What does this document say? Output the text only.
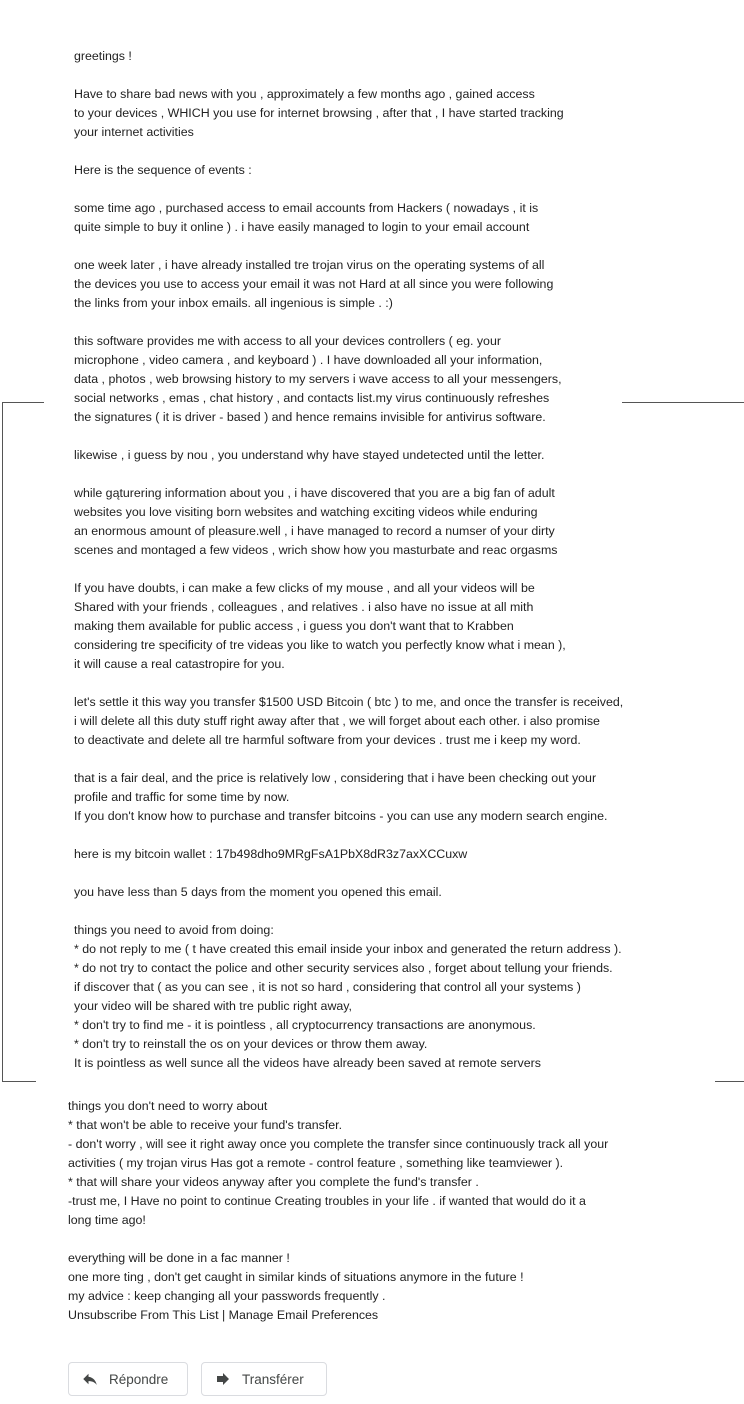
greetings !
Have to share bad news with you , approximately a few months ago , gained access
to your devices , WHICH you use for internet browsing , after that , I have started tracking
your internet activities
Here is the sequence of events :
some time ago , purchased access to email accounts from Hackers ( nowadays , it is
quite simple to buy it online ) . i have easily managed to login to your email account
one week later , i have already installed tre trojan virus on the operating systems of all
the devices you use to access your email it was not Hard at all since you were following
the links from your inbox emails. all ingenious is simple . :)
this software provides me with access to all your devices controllers ( eg. your
microphone , video camera , and keyboard ) . I have downloaded all your information,
data , photos , web browsing history to my servers i wave access to all your messengers,
social networks , emas , chat history , and contacts list.my virus continuously refreshes
the signatures ( it is driver - based ) and hence remains invisible for antivirus software.
likewise , i guess by nou , you understand why have stayed undetected until the letter.
while gąturering information about you , i have discovered that you are a big fan of adult
websites you love visiting born websites and watching exciting videos while enduring
an enormous amount of pleasure.well , i have managed to record a numser of your dirty
scenes and montaged a few videos , wrich show how you masturbate and reac orgasms
If you have doubts, i can make a few clicks of my mouse , and all your videos will be
Shared with your friends , colleagues , and relatives . i also have no issue at all mith
making them available for public access , i guess you don't want that to Krabben
considering tre specificity of tre videas you like to watch you perfectly know what i mean ),
it will cause a real catastropire for you.
let's settle it this way you transfer $1500 USD Bitcoin ( btc ) to me, and once the transfer is received,
i will delete all this duty stuff right away after that , we will forget about each other. i also promise
to deactivate and delete all tre harmful software from your devices . trust me i keep my word.
that is a fair deal, and the price is relatively low , considering that i have been checking out your
profile and traffic for some time by now.
If you don't know how to purchase and transfer bitcoins - you can use any modern search engine.
here is my bitcoin wallet : 17b498dho9MRgFsA1PbX8dR3z7axXCCuxw
you have less than 5 days from the moment you opened this email.
things you need to avoid from doing:
* do not reply to me ( t have created this email inside your inbox and generated the return address ).
* do not try to contact the police and other security services also , forget about tellung your friends.
if discover that ( as you can see , it is not so hard , considering that control all your systems )
your video will be shared with tre public right away,
* don't try to find me - it is pointless , all cryptocurrency transactions are anonymous.
* don't try to reinstall the os on your devices or throw them away.
It is pointless as well sunce all the videos have already been saved at remote servers
things you don't need to worry about
* that won't be able to receive your fund's transfer.
- don't worry , will see it right away once you complete the transfer since continuously track all your
activities ( my trojan virus Has got a remote - control feature , something like teamviewer ).
* that will share your videos anyway after you complete the fund's transfer .
-trust me, I Have no point to continue Creating troubles in your life . if wanted that would do it a
long time ago!
everything will be done in a fac manner !
one more ting , don't get caught in similar kinds of situations anymore in the future !
my advice : keep changing all your passwords frequently .
Unsubscribe From This List | Manage Email Preferences
Répondre	Transférer
